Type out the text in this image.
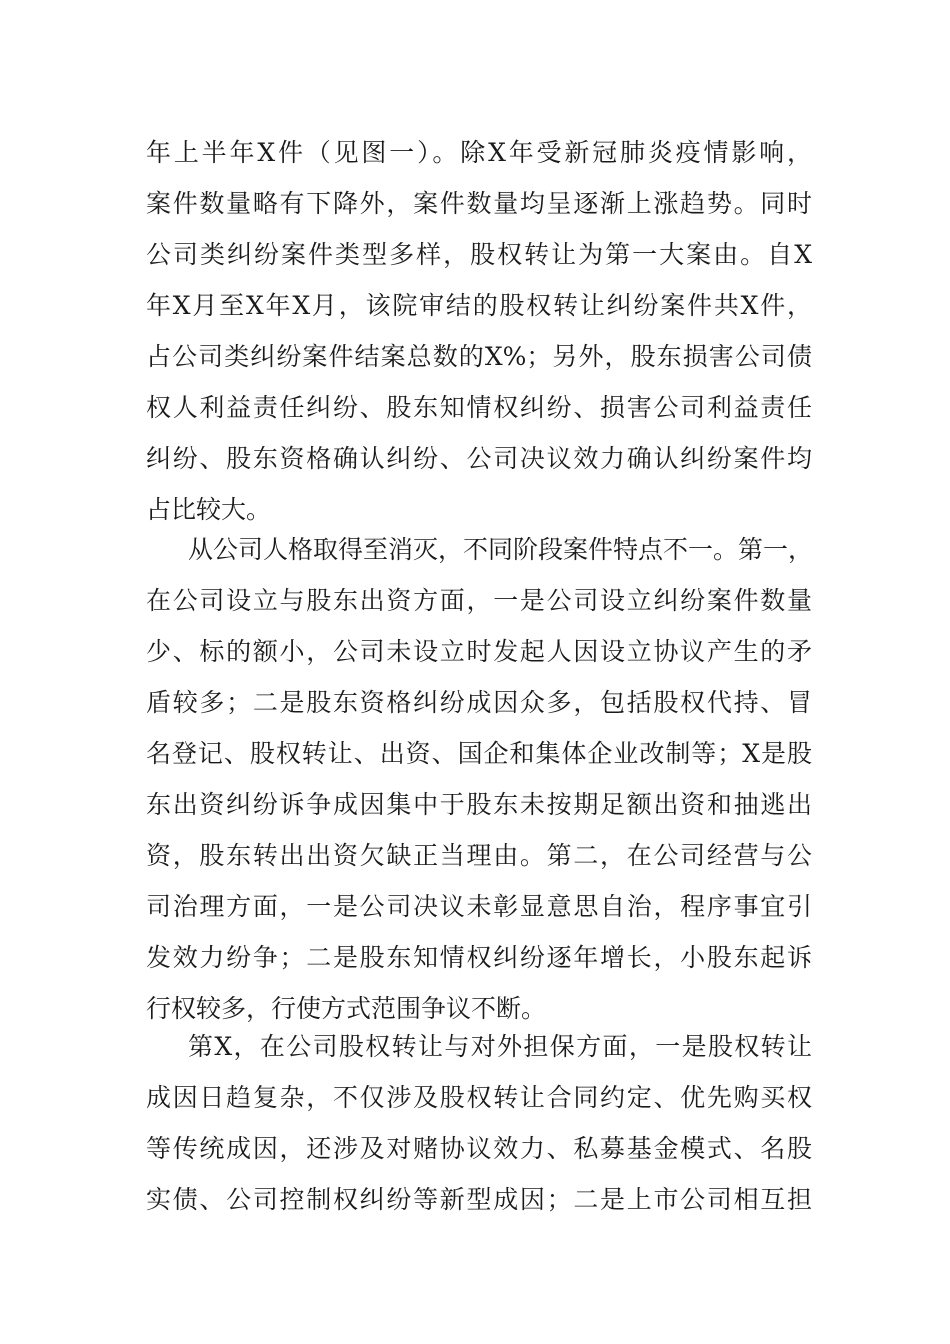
年上半年X件（见图一）。除X年受新冠肺炎疫情影响，
案件数量略有下降外，案件数量均呈逐渐上涨趋势。同时
公司类纠纷案件类型多样，股权转让为第一大案由。自X
年X月至X年X月，该院审结的股权转让纠纷案件共X件，
占公司类纠纷案件结案总数的X%；另外，股东损害公司债
权人利益责任纠纷、股东知情权纠纷、损害公司利益责任
纠纷、股东资格确认纠纷、公司决议效力确认纠纷案件均
占比较大。
从公司人格取得至消灭，不同阶段案件特点不一。第一，
在公司设立与股东出资方面，一是公司设立纠纷案件数量
少、标的额小，公司未设立时发起人因设立协议产生的矛
盾较多；二是股东资格纠纷成因众多，包括股权代持、冒
名登记、股权转让、出资、国企和集体企业改制等；X是股
东出资纠纷诉争成因集中于股东未按期足额出资和抽逃出
资，股东转出出资欠缺正当理由。第二，在公司经营与公
司治理方面，一是公司决议未彰显意思自治，程序事宜引
发效力纷争；二是股东知情权纠纷逐年增长，小股东起诉
行权较多，行使方式范围争议不断。
第X，在公司股权转让与对外担保方面，一是股权转让
成因日趋复杂，不仅涉及股权转让合同约定、优先购买权
等传统成因，还涉及对赌协议效力、私募基金模式、名股
实债、公司控制权纠纷等新型成因；二是上市公司相互担
